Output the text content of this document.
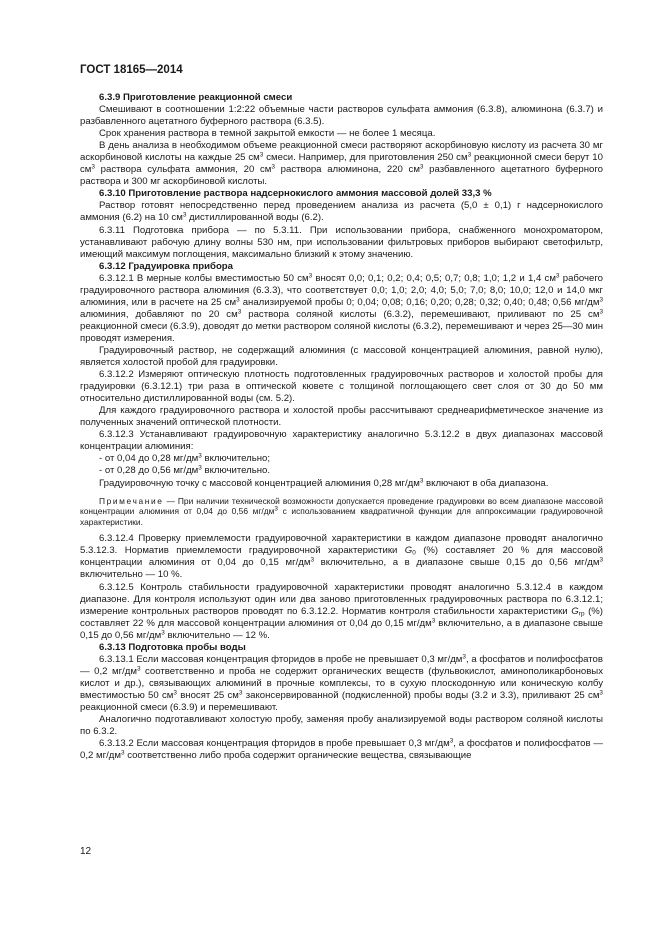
ГОСТ 18165—2014

6.3.9 Приготовление реакционной смеси

Смешивают в соотношении 1:2:22 объемные части растворов сульфата аммония (6.3.8), алюминона (6.3.7) и разбавленного ацетатного буферного раствора (6.3.5).

Срок хранения раствора в темной закрытой емкости — не более 1 месяца.

В день анализа в необходимом объеме реакционной смеси растворяют аскорбиновую кислоту из расчета 30 мг аскорбиновой кислоты на каждые 25 $см^3$ смеси. Например, для приготовления 250 $см^3$ реакционной смеси берут 10 $см^3$ раствора сульфата аммония, 20 $см^3$ раствора алюминона, 220 $см^3$ разбавленного ацетатного буферного раствора и 300 мг аскорбиновой кислоты.

6.3.10 Приготовление раствора надсернокислого аммония массовой долей 33,3 %

Раствор готовят непосредственно перед проведением анализа из расчета (5,0 ± 0,1) г надсернокислого аммония (6.2) на 10 $см^3$ дистиллированной воды (6.2).

6.3.11 Подготовка прибора — по 5.3.11. При использовании прибора, снабженного монохроматором, устанавливают рабочую длину волны 530 нм, при использовании фильтровых приборов выбирают светофильтр, имеющий максимум поглощения, максимально близкий к этому значению.

6.3.12 Градуировка прибора

6.3.12.1 В мерные колбы вместимостью 50 $см^3$ вносят 0,0; 0,1; 0,2; 0,4; 0,5; 0,7; 0,8; 1,0; 1,2 и 1,4 $см^3$ рабочего градуировочного раствора алюминия (6.3.3), что соответствует 0,0; 1,0; 2,0; 4,0; 5,0; 7,0; 8,0; 10,0; 12,0 и 14,0 мкг алюминия, или в расчете на 25 $см^3$ анализируемой пробы 0; 0,04; 0,08; 0,16; 0,20; 0,28; 0,32; 0,40; 0,48; 0,56 $мг/дм^3$ алюминия, добавляют по 20 $см^3$ раствора соляной кислоты (6.3.2), перемешивают, приливают по 25 $см^3$ реакционной смеси (6.3.9), доводят до метки раствором соляной кислоты (6.3.2), перемешивают и через 25—30 мин проводят измерения.

Градуировочный раствор, не содержащий алюминия (с массовой концентрацией алюминия, равной нулю), является холостой пробой для градуировки.

6.3.12.2 Измеряют оптическую плотность подготовленных градуировочных растворов и холостой пробы для градуировки (6.3.12.1) три раза в оптической кювете с толщиной поглощающего свет слоя от 30 до 50 мм относительно дистиллированной воды (см. 5.2).

Для каждого градуировочного раствора и холостой пробы рассчитывают среднеарифметическое значение из полученных значений оптической плотности.

6.3.12.3 Устанавливают градуировочную характеристику аналогично 5.3.12.2 в двух диапазонах массовой концентрации алюминия:

- от 0,04 до 0,28 $мг/дм^3$ включительно;

- от 0,28 до 0,56 $мг/дм^3$ включительно.

Градуировочную точку с массовой концентрацией алюминия 0,28 $мг/дм^3$ включают в оба диапазона.

Примечание — При наличии технической возможности допускается проведение градуировки во всем диапазоне массовой концентрации алюминия от 0,04 до 0,56 $мг/дм^3$ с использованием квадратичной функции для аппроксимации градуировочной характеристики.

6.3.12.4 Проверку приемлемости градуировочной характеристики в каждом диапазоне проводят аналогично 5.3.12.3. Норматив приемлемости градуировочной характеристики $G_0$ (%) составляет 20 % для массовой концентрации алюминия от 0,04 до 0,15 $мг/дм^3$ включительно, а в диапазоне свыше 0,15 до 0,56 $мг/дм^3$ включительно — 10 %.

6.3.12.5 Контроль стабильности градуировочной характеристики проводят аналогично 5.3.12.4 в каждом диапазоне. Для контроля используют один или два заново приготовленных градуировочных раствора по 6.3.12.1; измерение контрольных растворов проводят по 6.3.12.2. Норматив контроля стабильности характеристики $G_{гр}$ (%) составляет 22 % для массовой концентрации алюминия от 0,04 до 0,15 $мг/дм^3$ включительно, а в диапазоне свыше 0,15 до 0,56 $мг/дм^3$ включительно — 12 %.

6.3.13 Подготовка пробы воды

6.3.13.1 Если массовая концентрация фторидов в пробе не превышает 0,3 $мг/дм^3$, а фосфатов и полифосфатов — 0,2 $мг/дм^3$ соответственно и проба не содержит органических веществ (фульвокислот, аминополикарбоновых кислот и др.), связывающих алюминий в прочные комплексы, то в сухую плоскодонную или коническую колбу вместимостью 50 $см^3$ вносят 25 $см^3$ законсервированной (подкисленной) пробы воды (3.2 и 3.3), приливают 25 $см^3$ реакционной смеси (6.3.9) и перемешивают.

Аналогично подготавливают холостую пробу, заменяя пробу анализируемой воды раствором соляной кислоты по 6.3.2.

6.3.13.2 Если массовая концентрация фторидов в пробе превышает 0,3 $мг/дм^3$, а фосфатов и полифосфатов — 0,2 $мг/дм^3$ соответственно либо проба содержит органические вещества, связывающие

12
